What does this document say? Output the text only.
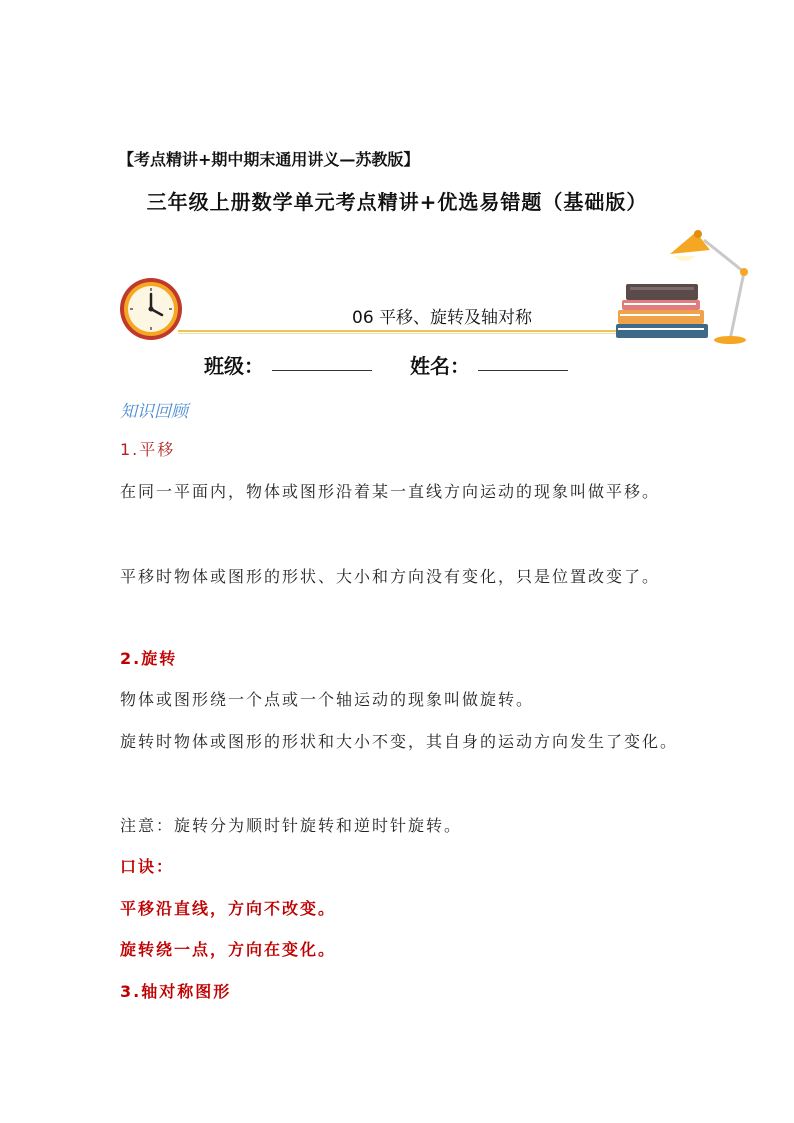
【考点精讲+期中期末通用讲义—苏教版】
三年级上册数学单元考点精讲+优选易错题（基础版）
06 平移、旋转及轴对称
班级：	姓名：
知识回顾
1.平移
在同一平面内，物体或图形沿着某一直线方向运动的现象叫做平移。
平移时物体或图形的形状、大小和方向没有变化，只是位置改变了。
2.旋转
物体或图形绕一个点或一个轴运动的现象叫做旋转。
旋转时物体或图形的形状和大小不变，其自身的运动方向发生了变化。
注意：旋转分为顺时针旋转和逆时针旋转。
口诀：
平移沿直线，方向不改变。
旋转绕一点，方向在变化。
3.轴对称图形
